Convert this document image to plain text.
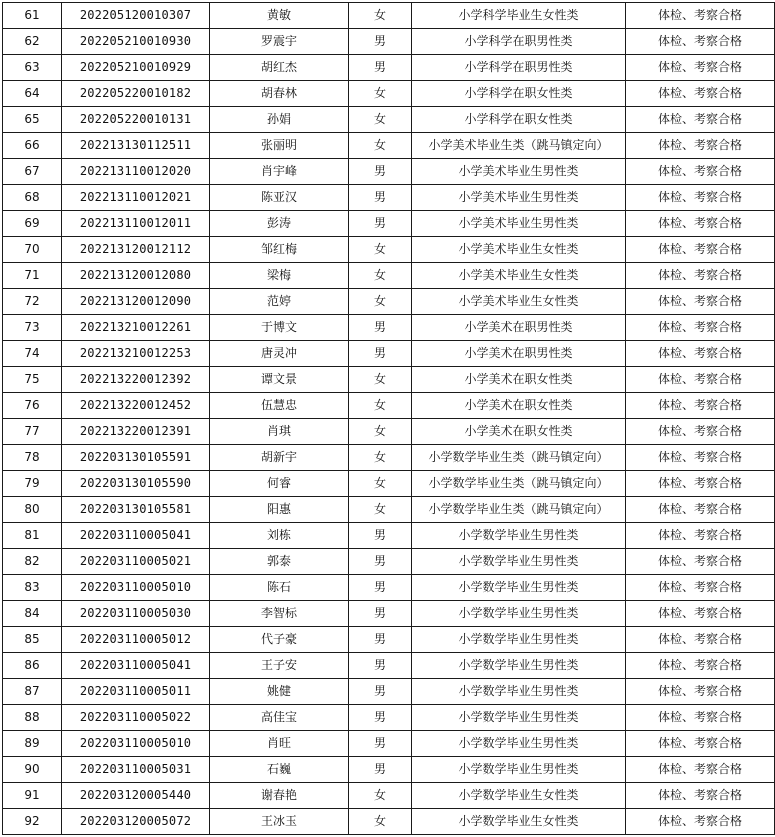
61	202205120010307	黄敏	女	小学科学毕业生女性类	体检、考察合格
62	202205210010930	罗震宇	男	小学科学在职男性类	体检、考察合格
63	202205210010929	胡红杰	男	小学科学在职男性类	体检、考察合格
64	202205220010182	胡春林	女	小学科学在职女性类	体检、考察合格
65	202205220010131	孙娟	女	小学科学在职女性类	体检、考察合格
66	202213130112511	张丽明	女	小学美术毕业生类（跳马镇定向）	体检、考察合格
67	202213110012020	肖宇峰	男	小学美术毕业生男性类	体检、考察合格
68	202213110012021	陈亚汉	男	小学美术毕业生男性类	体检、考察合格
69	202213110012011	彭涛	男	小学美术毕业生男性类	体检、考察合格
70	202213120012112	邹红梅	女	小学美术毕业生女性类	体检、考察合格
71	202213120012080	梁梅	女	小学美术毕业生女性类	体检、考察合格
72	202213120012090	范婷	女	小学美术毕业生女性类	体检、考察合格
73	202213210012261	于博文	男	小学美术在职男性类	体检、考察合格
74	202213210012253	唐灵冲	男	小学美术在职男性类	体检、考察合格
75	202213220012392	谭文景	女	小学美术在职女性类	体检、考察合格
76	202213220012452	伍慧忠	女	小学美术在职女性类	体检、考察合格
77	202213220012391	肖琪	女	小学美术在职女性类	体检、考察合格
78	202203130105591	胡新宇	女	小学数学毕业生类（跳马镇定向）	体检、考察合格
79	202203130105590	何睿	女	小学数学毕业生类（跳马镇定向）	体检、考察合格
80	202203130105581	阳惠	女	小学数学毕业生类（跳马镇定向）	体检、考察合格
81	202203110005041	刘栋	男	小学数学毕业生男性类	体检、考察合格
82	202203110005021	郭泰	男	小学数学毕业生男性类	体检、考察合格
83	202203110005010	陈石	男	小学数学毕业生男性类	体检、考察合格
84	202203110005030	李智标	男	小学数学毕业生男性类	体检、考察合格
85	202203110005012	代子豪	男	小学数学毕业生男性类	体检、考察合格
86	202203110005041	王子安	男	小学数学毕业生男性类	体检、考察合格
87	202203110005011	姚健	男	小学数学毕业生男性类	体检、考察合格
88	202203110005022	高佳宝	男	小学数学毕业生男性类	体检、考察合格
89	202203110005010	肖旺	男	小学数学毕业生男性类	体检、考察合格
90	202203110005031	石巍	男	小学数学毕业生男性类	体检、考察合格
91	202203120005440	谢春艳	女	小学数学毕业生女性类	体检、考察合格
92	202203120005072	王冰玉	女	小学数学毕业生女性类	体检、考察合格
